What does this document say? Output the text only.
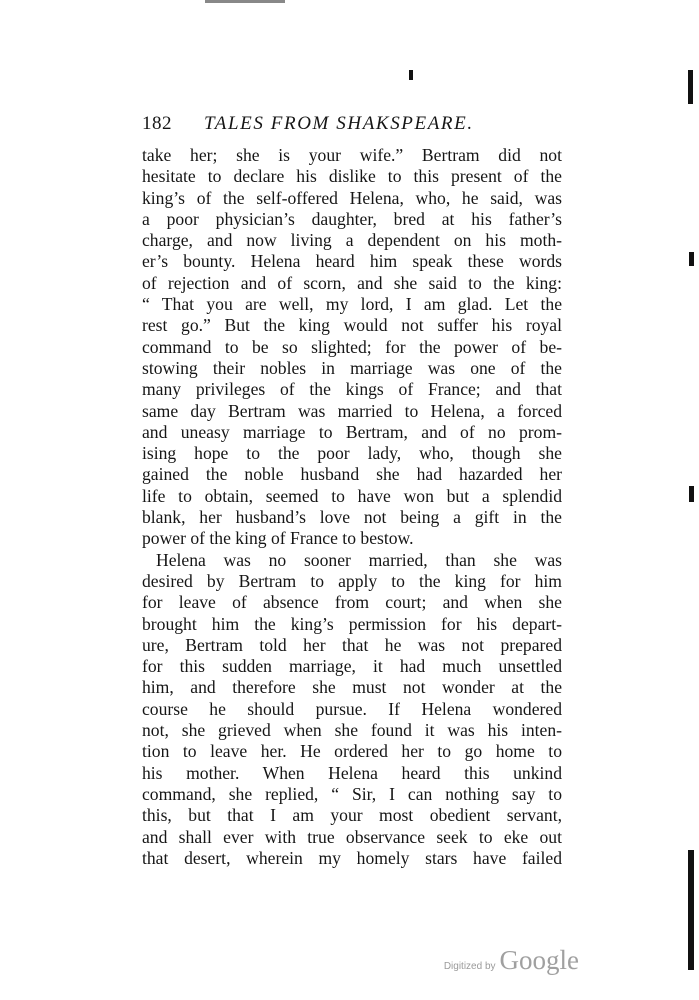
182 TALES FROM SHAKSPEARE.
take her; she is your wife.” Bertram did not
hesitate to declare his dislike to this present of the
king’s of the self-offered Helena, who, he said, was
a poor physician’s daughter, bred at his father’s
charge, and now living a dependent on his moth-
er’s bounty. Helena heard him speak these words
of rejection and of scorn, and she said to the king:
“ That you are well, my lord, I am glad. Let the
rest go.” But the king would not suffer his royal
command to be so slighted; for the power of be-
stowing their nobles in marriage was one of the
many privileges of the kings of France; and that
same day Bertram was married to Helena, a forced
and uneasy marriage to Bertram, and of no prom-
ising hope to the poor lady, who, though she
gained the noble husband she had hazarded her
life to obtain, seemed to have won but a splendid
blank, her husband’s love not being a gift in the
power of the king of France to bestow.
Helena was no sooner married, than she was
desired by Bertram to apply to the king for him
for leave of absence from court; and when she
brought him the king’s permission for his depart-
ure, Bertram told her that he was not prepared
for this sudden marriage, it had much unsettled
him, and therefore she must not wonder at the
course he should pursue. If Helena wondered
not, she grieved when she found it was his inten-
tion to leave her. He ordered her to go home to
his mother. When Helena heard this unkind
command, she replied, “ Sir, I can nothing say to
this, but that I am your most obedient servant,
and shall ever with true observance seek to eke out
that desert, wherein my homely stars have failed
Digitized by Google
